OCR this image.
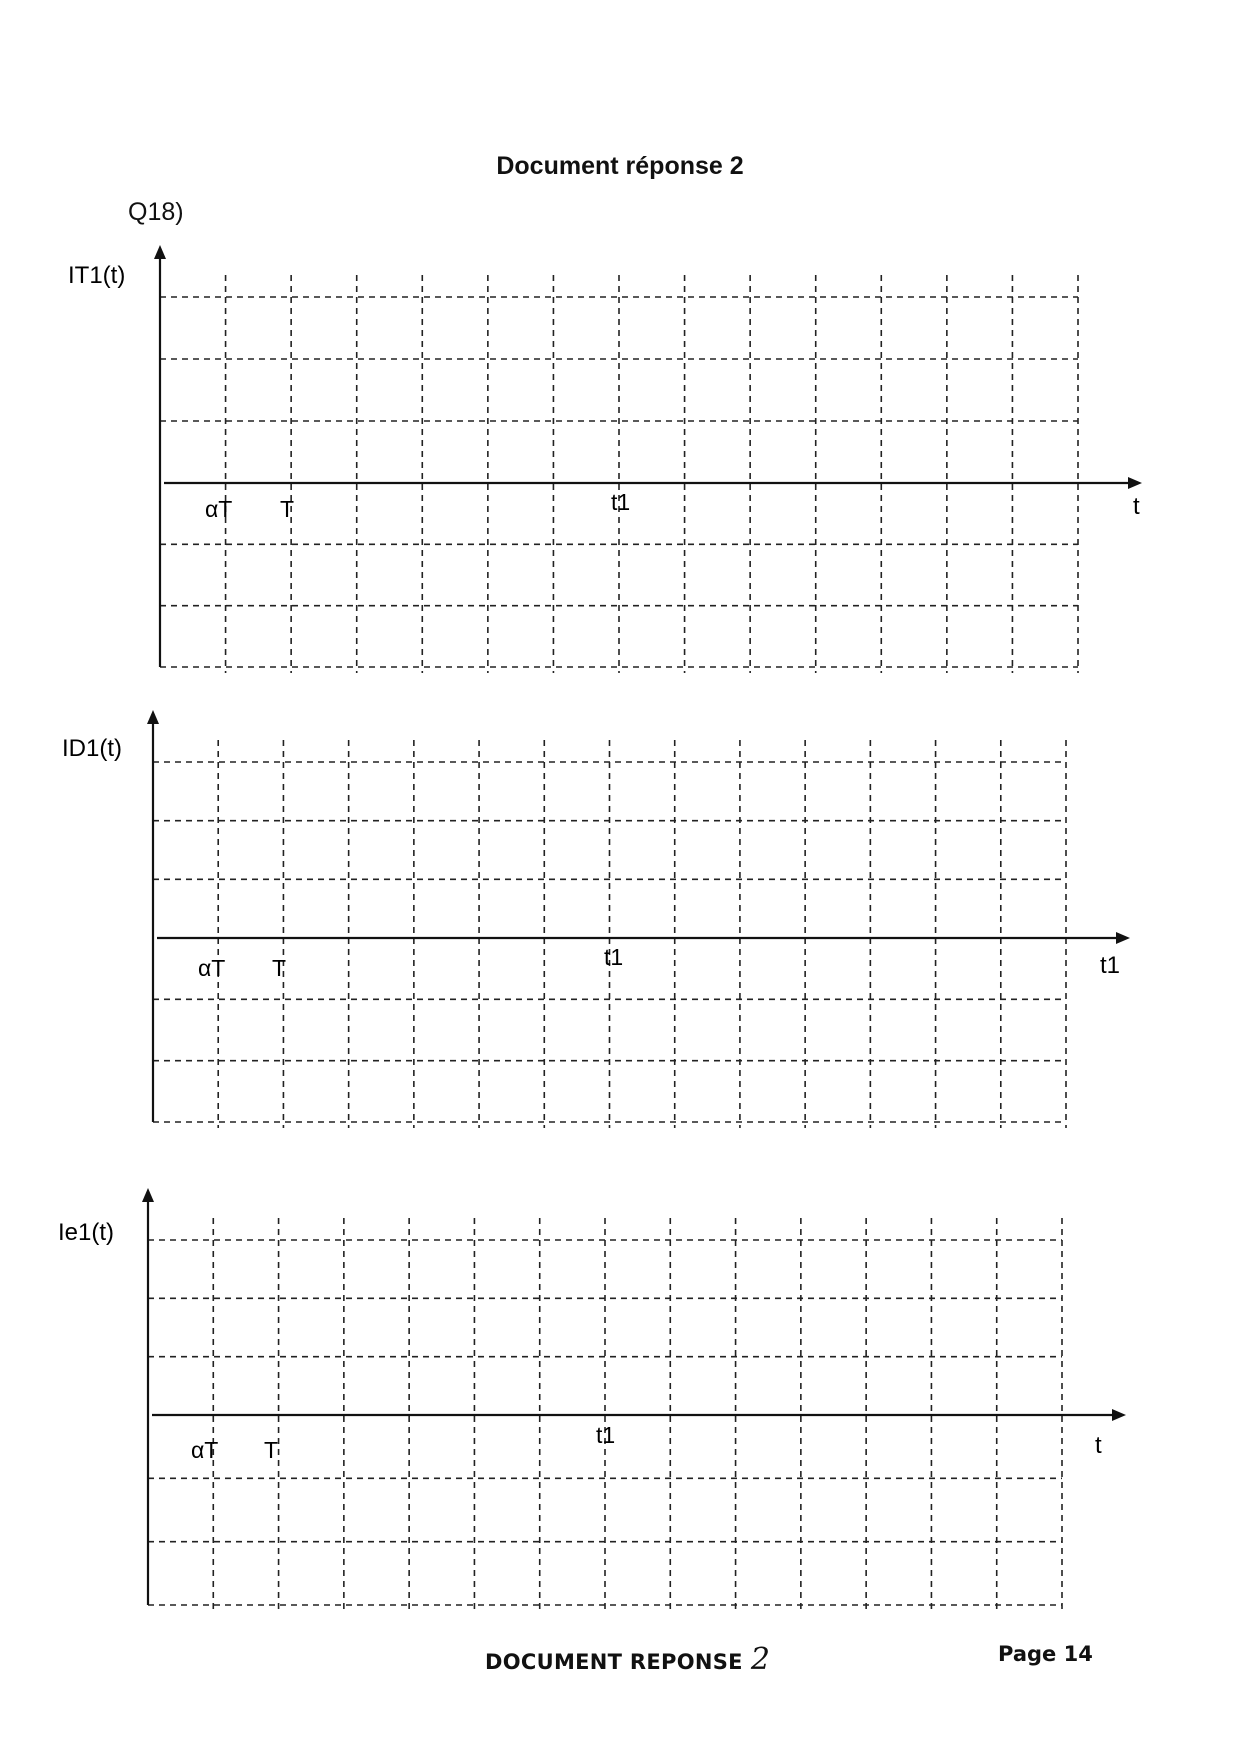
Document réponse 2
Q18)
IT1(t)
t
αT T	t1
ID1(t)
t1
αT T	t1
Ie1(t)
t
αT T
t1
DOCUMENT REPONSE 2	Page 14
